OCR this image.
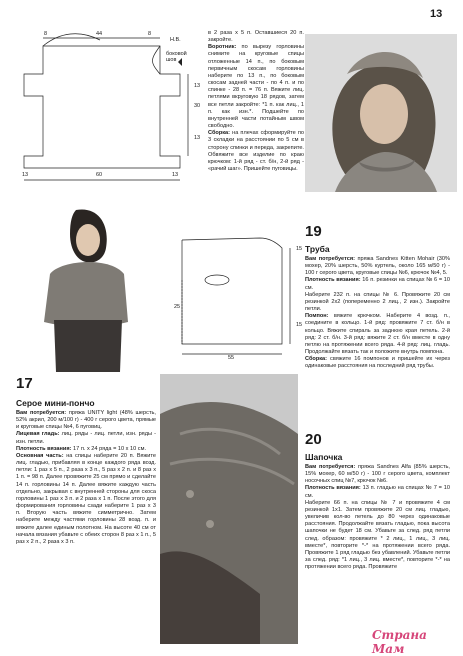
13
8	44	8
Н.В.
боковой шов
13
30
13
13	60	13
в 2 раза х 5 п. Оставшиеся 20 п. закройте.
Воротник: по вырезу горловины снимите на круговые спицы отложенные 14 п., по боковым первичным скосам горловины наберите по 13 п., по боковым скосам задней части - по 4 п. и по спинке - 28 п. = 76 п. Вяжите лиц. петлями вкруговую 18 рядов, затем все петли закройте: *1 п. как лиц., 1 п. как изн.*. Подшейте по внутренней части потайным швом свободно.
Сборка: на плечах сформируйте по 3 складки на расстоянии по 5 см в сторону спинки и переда, закрепите. Обвяжите все изделие по краю крючком: 1-й ряд - ст. б/н, 2-й ряд - «рачий шаг». Пришейте пуговицы.
15
25
15
55
17
Серое мини-пончо
Вам потребуется: пряжа UNITY light (48% шерсть, 52% акрил, 200 м/100 г) - 400 г серого цвета, прямые и круговые спицы №4, 6 пуговиц.
Лицевая гладь: лиц. ряды - лиц. петли, изн. ряды - изн. петли.
Плотность вязания: 17 п. х 24 ряда = 10 х 10 см.
Основная часть: на спицы наберите 20 п. Вяжите лиц. гладью, прибавляя в конце каждого ряда возд. петли: 1 раз х 5 п., 2 раза х 3 п., 5 раз х 2 п. и 8 раз х 1 п. = 98 п. Далее провяжите 25 см прямо и сделайте 14 п. горловины 14 п. Далее вяжите каждую часть отдельно, закрывая с внутренней стороны для скоса горловины 1 раз х 3 п. и 2 раза х 1 п. После этого для формирования горловины сзади наберите 1 раз х 3 п. Вторую часть вяжите симметрично. Затем наберите между частями горловины 28 возд. п. и вяжите далее единым полотном. На высоте 40 см от начала вязания убавьте с обеих сторон 8 раз х 1 п., 5 раз х 2 п., 2 раза х 3 п.
19
Труба
Вам потребуется: пряжа Sandnes Kitten Mohair (30% мохер, 20% шерсть, 50% куртель, около 165 м/50 г) - 100 г серого цвета, круговые спицы №6, крючок №4, 5.
Плотность вязания: 16 п. резинки на спицах № 6 = 10 см.
Наберите 232 п. на спицы № 6. Провяжите 20 см резинкой 2х2 (попеременно 2 лиц., 2 изн.). Закройте петли.
Помпон: вяжите крючком. Наберите 4 возд. п., соедините в кольцо. 1-й ряд: провяжите 7 ст. б/н в кольцо. Вяжите спираль за заднюю края петель. 2-й ряд: 2 ст. б/н. 3-й ряд: вяжите 2 ст. б/н вместе в одну петлю на протяжении всего ряда. 4-й ряд: лиц. гладь. Продолжайте вязать так и положите внутрь помпона.
Сборка: свяжите 16 помпонов и пришейте их через одинаковые расстояния на последний ряд трубы.
20
Шапочка
Вам потребуется: пряжа Sandnes Alfa (85% шерсть, 15% мохер, 60 м/50 г) - 100 г серого цвета, комплект носочных спиц №7, крючок №6.
Плотность вязания: 13 п. гладью на спицах № 7 = 10 см.
Наберите 66 п. на спицы № 7 и провяжите 4 см резинкой 1х1. Затем провяжите 20 см лиц. гладью, увеличив кол-во петель до 80 через одинаковые расстояния. Продолжайте вязать гладью, пока высота шапочки не будет 18 см. Убавьте за след. ряд петли след. образом: провяжите * 2 лиц., 1 лиц., 3 лиц. вместе*, повторите *-* на протяжении всего ряда. Провяжите 1 ряд гладью без убавлений. Убавьте петли за след. ряд: *1 лиц., 3 лиц. вместе*, повторите *-* на протяжении всего ряда. Провяжите
Страна Мам
